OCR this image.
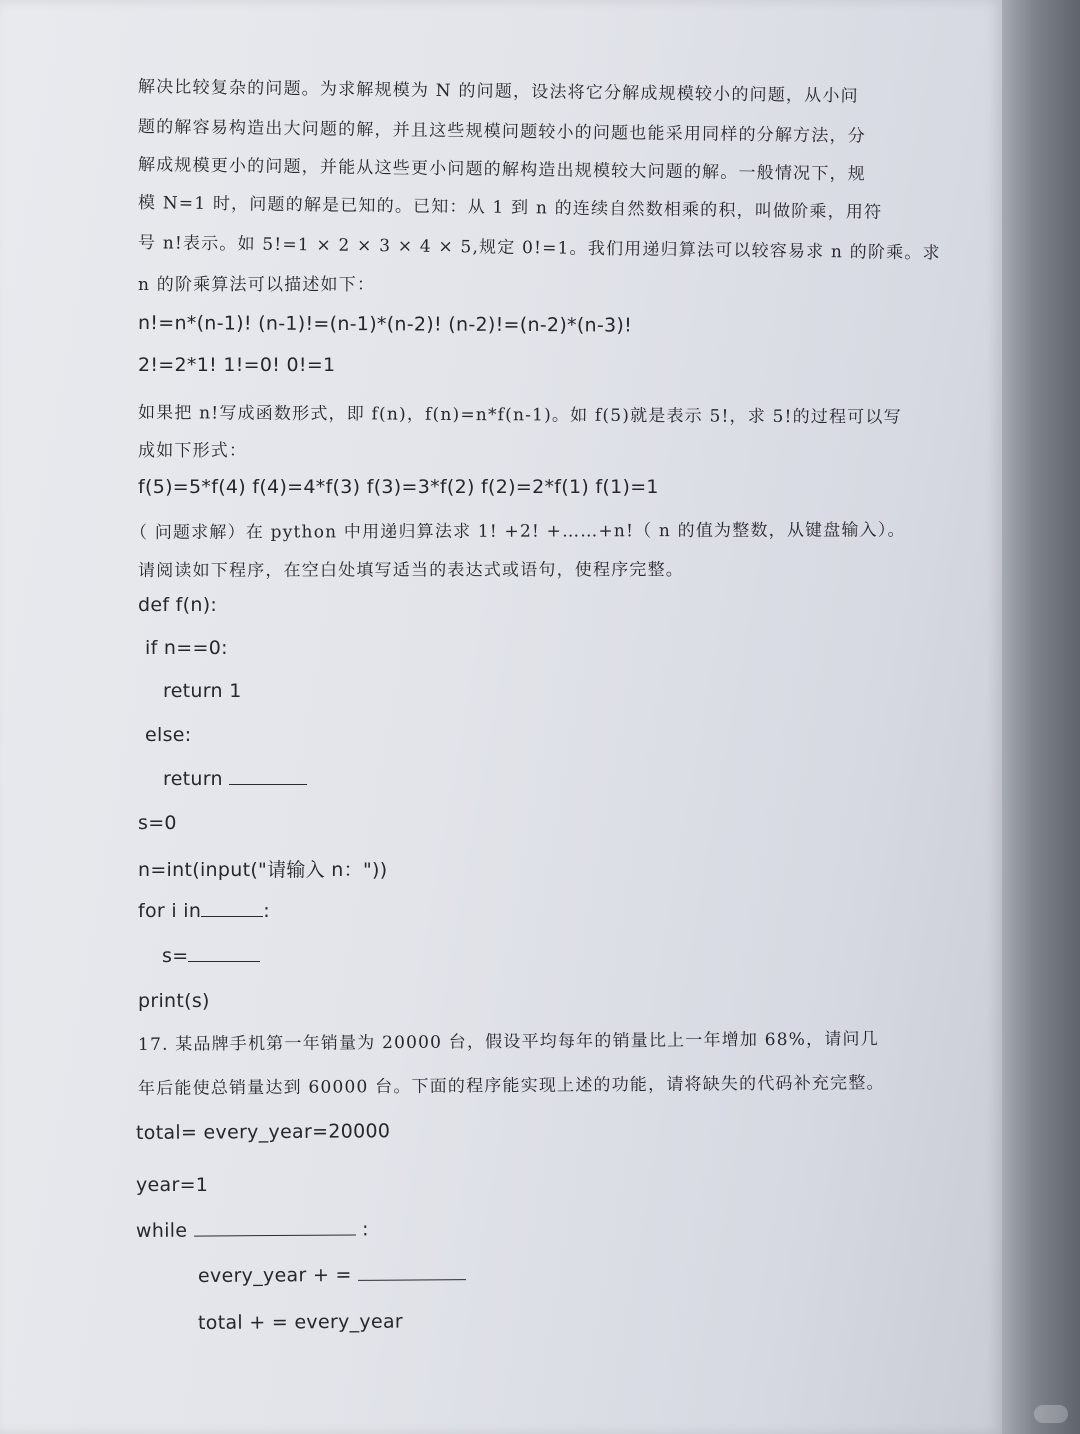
解决比较复杂的问题。为求解规模为 N 的问题，设法将它分解成规模较小的问题，从小问
题的解容易构造出大问题的解，并且这些规模问题较小的问题也能采用同样的分解方法，分
解成规模更小的问题，并能从这些更小问题的解构造出规模较大问题的解。一般情况下，规
模 N=1 时，问题的解是已知的。已知：从 1 到 n 的连续自然数相乘的积，叫做阶乘，用符
号 n!表示。如 5!=1 × 2 × 3 × 4 × 5,规定 0!=1。我们用递归算法可以较容易求 n 的阶乘。求
n 的阶乘算法可以描述如下：
n!=n*(n-1)! (n-1)!=(n-1)*(n-2)! (n-2)!=(n-2)*(n-3)!
2!=2*1! 1!=0! 0!=1
如果把 n!写成函数形式，即 f(n)，f(n)=n*f(n-1)。如 f(5)就是表示 5!，求 5!的过程可以写
成如下形式：
f(5)=5*f(4) f(4)=4*f(3) f(3)=3*f(2) f(2)=2*f(1) f(1)=1
（ 问题求解）在 python 中用递归算法求 1! +2! +……+n!（ n 的值为整数，从键盘输入）。
请阅读如下程序，在空白处填写适当的表达式或语句，使程序完整。
def f(n):
if n==0:
return 1
else:
return
s=0
n=int(input("请输入 n："))
for i in	:
s=
print(s)
17. 某品牌手机第一年销量为 20000 台，假设平均每年的销量比上一年增加 68%，请问几
年后能使总销量达到 60000 台。下面的程序能实现上述的功能，请将缺失的代码补充完整。
total= every_year=20000
year=1
while	:
every_year + =
total + = every_year
